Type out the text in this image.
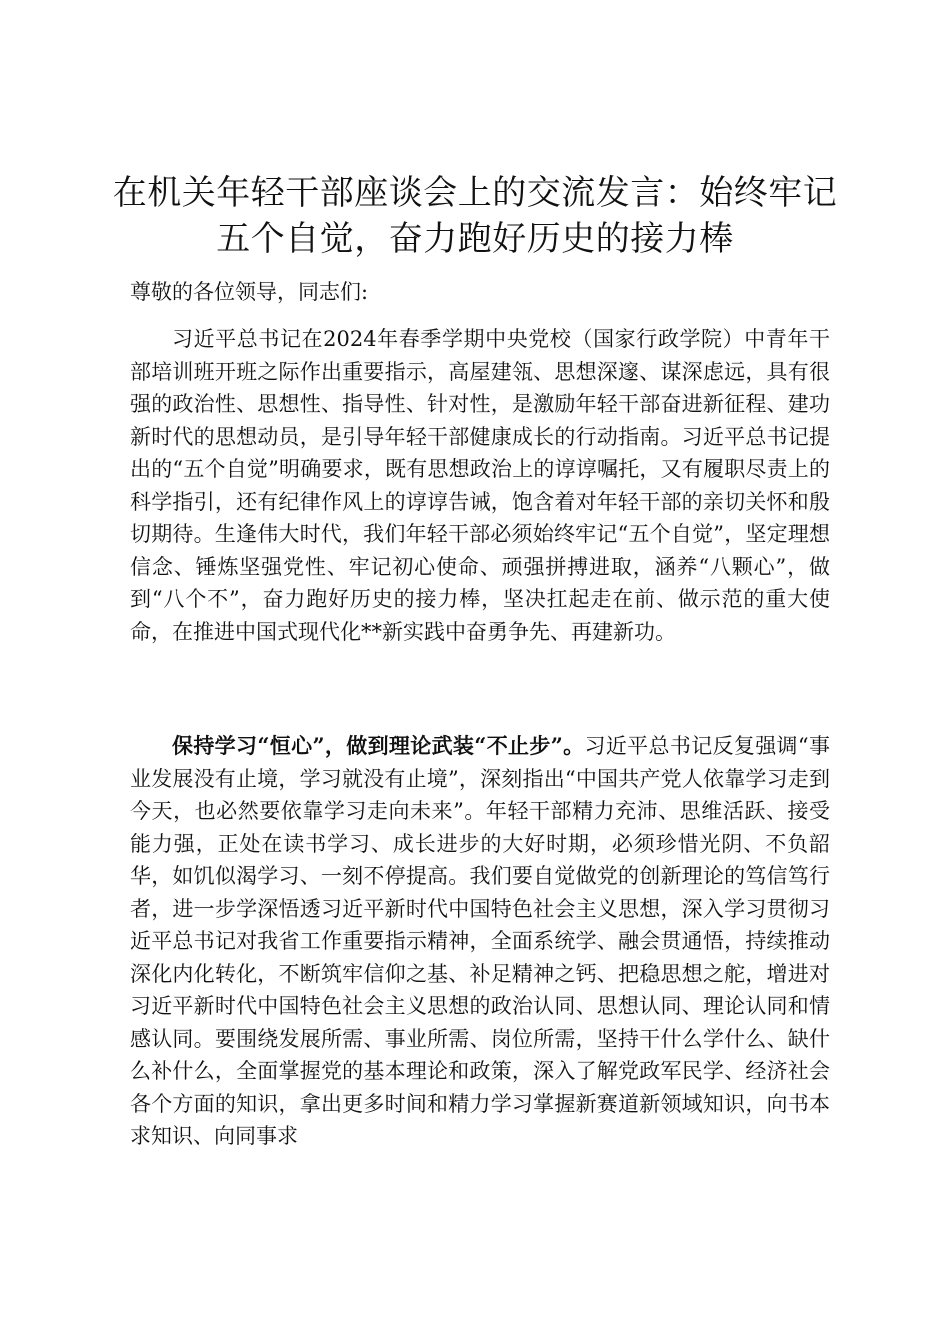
在机关年轻干部座谈会上的交流发言：始终牢记五个自觉，奋力跑好历史的接力棒

尊敬的各位领导，同志们:

习近平总书记在2024年春季学期中央党校（国家行政学院）中青年干部培训班开班之际作出重要指示，高屋建瓴、思想深邃、谋深虑远，具有很强的政治性、思想性、指导性、针对性，是激励年轻干部奋进新征程、建功新时代的思想动员，是引导年轻干部健康成长的行动指南。习近平总书记提出的“五个自觉”明确要求，既有思想政治上的谆谆嘱托，又有履职尽责上的科学指引，还有纪律作风上的谆谆告诫，饱含着对年轻干部的亲切关怀和殷切期待。生逢伟大时代，我们年轻干部必须始终牢记“五个自觉”，坚定理想信念、锤炼坚强党性、牢记初心使命、顽强拼搏进取，涵养“八颗心”，做到“八个不”，奋力跑好历史的接力棒，坚决扛起走在前、做示范的重大使命，在推进中国式现代化**新实践中奋勇争先、再建新功。

保持学习“恒心”，做到理论武装“不止步”。习近平总书记反复强调“事业发展没有止境，学习就没有止境”，深刻指出“中国共产党人依靠学习走到今天，也必然要依靠学习走向未来”。年轻干部精力充沛、思维活跃、接受能力强，正处在读书学习、成长进步的大好时期，必须珍惜光阴、不负韶华，如饥似渴学习、一刻不停提高。我们要自觉做党的创新理论的笃信笃行者，进一步学深悟透习近平新时代中国特色社会主义思想，深入学习贯彻习近平总书记对我省工作重要指示精神，全面系统学、融会贯通悟，持续推动深化内化转化，不断筑牢信仰之基、补足精神之钙、把稳思想之舵，增进对习近平新时代中国特色社会主义思想的政治认同、思想认同、理论认同和情感认同。要围绕发展所需、事业所需、岗位所需，坚持干什么学什么、缺什么补什么，全面掌握党的基本理论和政策，深入了解党政军民学、经济社会各个方面的知识，拿出更多时间和精力学习掌握新赛道新领域知识，向书本求知识、向同事求
